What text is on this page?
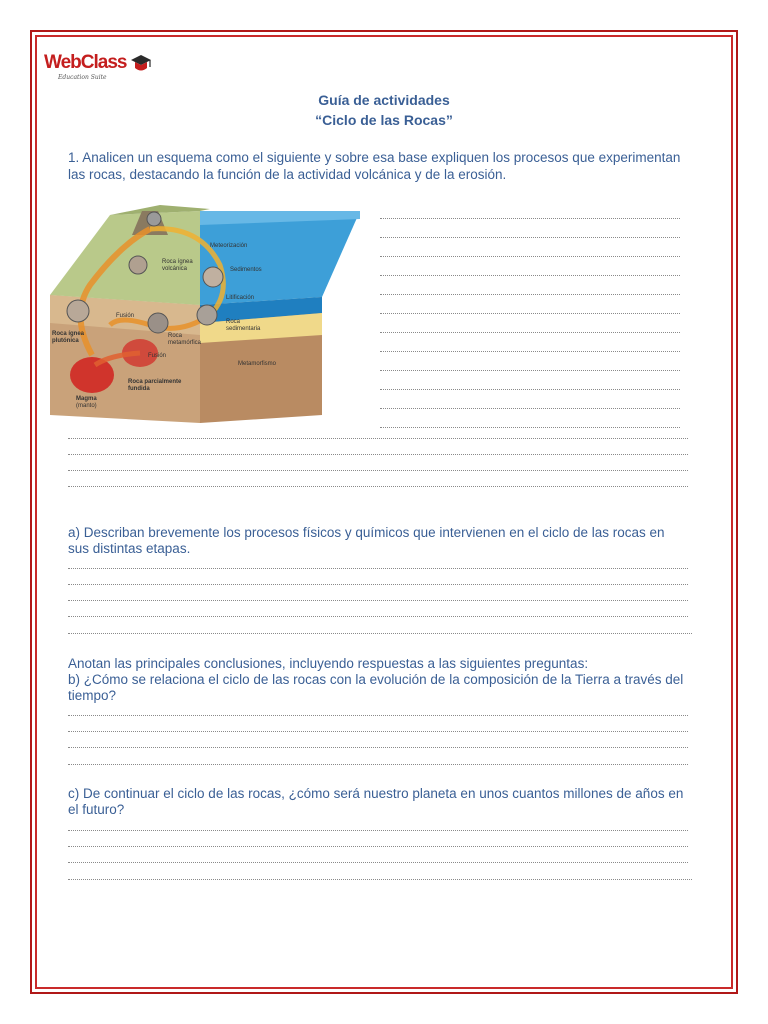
WebClass
Education Suite
Guía de actividades
“Ciclo de las Rocas”
1. Analicen un esquema como el siguiente y sobre esa base expliquen los procesos que experimentan
las rocas, destacando la función de la actividad volcánica y de la erosión.
Roca ígnea
volcánica
Meteorización
Sedimentos
Litificación
Fusión
Roca ígnea
plutónica
Roca
metamórfica
Roca
sedimentaria
Fusión
Metamorfismo
Roca parcialmente
fundida
Magma
(manto)
a) Describan brevemente los procesos físicos y químicos que intervienen en el ciclo de las rocas en
sus distintas etapas.
Anotan las principales conclusiones, incluyendo respuestas a las siguientes preguntas:
b) ¿Cómo se relaciona el ciclo de las rocas con la evolución de la composición de la Tierra a través del
tiempo?
c) De continuar el ciclo de las rocas, ¿cómo será nuestro planeta en unos cuantos millones de años en
el futuro?
